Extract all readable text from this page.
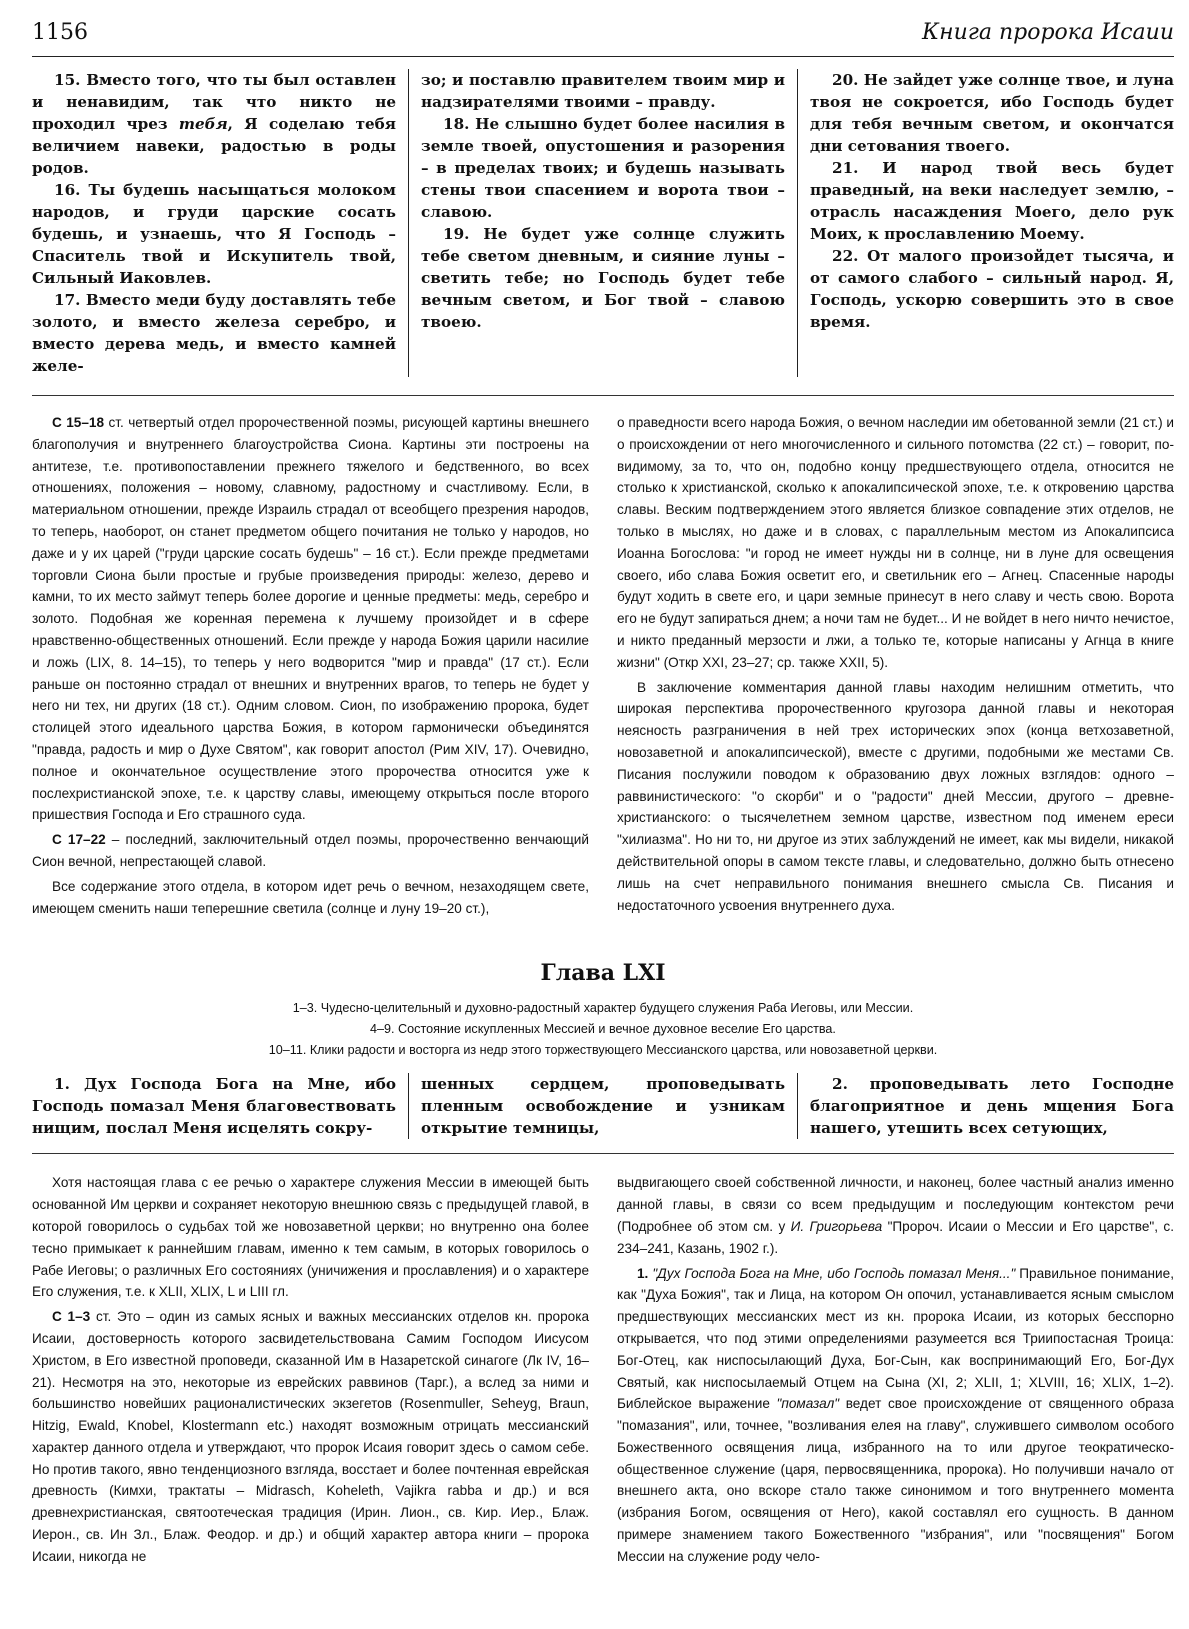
1156	Книга пророка Исаии

15. Вместо того, что ты был оставлен и ненавидим, так что никто не проходил чрез тебя, Я соделаю тебя величием навеки, радостью в роды родов.

16. Ты будешь насыщаться молоком народов, и груди царские сосать будешь, и узнаешь, что Я Господь – Спаситель твой и Искупитель твой, Сильный Иаковлев.

17. Вместо меди буду доставлять тебе золото, и вместо железа серебро, и вместо дерева медь, и вместо камней желе-

зо; и поставлю правителем твоим мир и надзирателями твоими – правду.

18. Не слышно будет более насилия в земле твоей, опустошения и разорения – в пределах твоих; и будешь называть стены твои спасением и ворота твои – славою.

19. Не будет уже солнце служить тебе светом дневным, и сияние луны – светить тебе; но Господь будет тебе вечным светом, и Бог твой – славою твоею.

20. Не зайдет уже солнце твое, и луна твоя не сокроется, ибо Господь будет для тебя вечным светом, и окончатся дни сетования твоего.

21. И народ твой весь будет праведный, на веки наследует землю, – отрасль насаждения Моего, дело рук Моих, к прославлению Моему.

22. От малого произойдет тысяча, и от самого слабого – сильный народ. Я, Господь, ускорю совершить это в свое время.

С 15–18 ст. четвертый отдел пророчественной поэмы, рисующей картины внешнего благополучия и внутреннего благоустройства Сиона. Картины эти построены на антитезе, т.е. противопоставлении прежнего тяжелого и бедственного, во всех отношениях, положения – новому, славному, радостному и счастливому. Если, в материальном отношении, прежде Израиль страдал от всеобщего презрения народов, то теперь, наоборот, он станет предметом общего почитания не только у народов, но даже и у их царей ("груди царские сосать будешь" – 16 ст.). Если прежде предметами торговли Сиона были простые и грубые произведения природы: железо, дерево и камни, то их место займут теперь более дорогие и ценные предметы: медь, серебро и золото. Подобная же коренная перемена к лучшему произойдет и в сфере нравственно-общественных отношений. Если прежде у народа Божия царили насилие и ложь (LIX, 8. 14–15), то теперь у него водворится "мир и правда" (17 ст.). Если раньше он постоянно страдал от внешних и внутренних врагов, то теперь не будет у него ни тех, ни других (18 ст.). Одним словом. Сион, по изображению пророка, будет столицей этого идеального царства Божия, в котором гармонически объединятся "правда, радость и мир о Духе Святом", как говорит апостол (Рим XIV, 17). Очевидно, полное и окончательное осуществление этого пророчества относится уже к послехристианской эпохе, т.е. к царству славы, имеющему открыться после второго пришествия Господа и Его страшного суда.

С 17–22 – последний, заключительный отдел поэмы, пророчественно венчающий Сион вечной, непрестающей славой.

Все содержание этого отдела, в котором идет речь о вечном, незаходящем свете, имеющем сменить наши теперешние светила (солнце и луну 19–20 ст.),

о праведности всего народа Божия, о вечном наследии им обетованной земли (21 ст.) и о происхождении от него многочисленного и сильного потомства (22 ст.) – говорит, по-видимому, за то, что он, подобно концу предшествующего отдела, относится не столько к христианской, сколько к апокалипсической эпохе, т.е. к откровению царства славы. Веским подтверждением этого является близкое совпадение этих отделов, не только в мыслях, но даже и в словах, с параллельным местом из Апокалипсиса Иоанна Богослова: "и город не имеет нужды ни в солнце, ни в луне для освещения своего, ибо слава Божия осветит его, и светильник его – Агнец. Спасенные народы будут ходить в свете его, и цари земные принесут в него славу и честь свою. Ворота его не будут запираться днем; а ночи там не будет... И не войдет в него ничто нечистое, и никто преданный мерзости и лжи, а только те, которые написаны у Агнца в книге жизни" (Откр XXI, 23–27; ср. также XXII, 5).

В заключение комментария данной главы находим нелишним отметить, что широкая перспектива пророчественного кругозора данной главы и некоторая неясность разграничения в ней трех исторических эпох (конца ветхозаветной, новозаветной и апокалипсической), вместе с другими, подобными же местами Св. Писания послужили поводом к образованию двух ложных взглядов: одного – раввинистического: "о скорби" и о "радости" дней Мессии, другого – древне-христианского: о тысячелетнем земном царстве, известном под именем ереси "хилиазма". Но ни то, ни другое из этих заблуждений не имеет, как мы видели, никакой действительной опоры в самом тексте главы, и следовательно, должно быть отнесено лишь на счет неправильного понимания внешнего смысла Св. Писания и недостаточного усвоения внутреннего духа.

Глава LXI
1–3. Чудесно-целительный и духовно-радостный характер будущего служения Раба Иеговы, или Мессии.
4–9. Состояние искупленных Мессией и вечное духовное веселие Его царства.
10–11. Клики радости и восторга из недр этого торжествующего Мессианского царства, или новозаветной церкви.

1. Дух Господа Бога на Мне, ибо Господь помазал Меня благовествовать нищим, послал Меня исцелять сокру-

шенных сердцем, проповедывать пленным освобождение и узникам открытие темницы,

2. проповедывать лето Господне благоприятное и день мщения Бога нашего, утешить всех сетующих,

Хотя настоящая глава с ее речью о характере служения Мессии в имеющей быть основанной Им церкви и сохраняет некоторую внешнюю связь с предыдущей главой, в которой говорилось о судьбах той же новозаветной церкви; но внутренно она более тесно примыкает к раннейшим главам, именно к тем самым, в которых говорилось о Рабе Иеговы; о различных Его состояниях (уничижения и прославления) и о характере Его служения, т.е. к XLII, XLIX, L и LIII гл.

С 1–3 ст. Это – один из самых ясных и важных мессианских отделов кн. пророка Исаии, достоверность которого засвидетельствована Самим Господом Иисусом Христом, в Его известной проповеди, сказанной Им в Назаретской синагоге (Лк IV, 16–21). Несмотря на это, некоторые из еврейских раввинов (Тарг.), а вслед за ними и большинство новейших рационалистических экзегетов (Rosenmuller, Seheyg, Braun, Hitzig, Ewald, Knobel, Klostermann etc.) находят возможным отрицать мессианский характер данного отдела и утверждают, что пророк Исаия говорит здесь о самом себе. Но против такого, явно тенденциозного взгляда, восстает и более почтенная еврейская древность (Кимхи, трактаты – Midrasch, Koheleth, Vajikra rabba и др.) и вся древнехристианская, святоотеческая традиция (Ирин. Лион., св. Кир. Иер., Блаж. Иерон., св. Ин Зл., Блаж. Феодор. и др.) и общий характер автора книги – пророка Исаии, никогда не

выдвигающего своей собственной личности, и наконец, более частный анализ именно данной главы, в связи со всем предыдущим и последующим контекстом речи (Подробнее об этом см. у И. Григорьева "Пророч. Исаии о Мессии и Его царстве", с. 234–241, Казань, 1902 г.).

1. "Дух Господа Бога на Мне, ибо Господь помазал Меня..." Правильное понимание, как "Духа Божия", так и Лица, на котором Он опочил, устанавливается ясным смыслом предшествующих мессианских мест из кн. пророка Исаии, из которых бесспорно открывается, что под этими определениями разумеется вся Триипостасная Троица: Бог-Отец, как ниспосылающий Духа, Бог-Сын, как воспринимающий Его, Бог-Дух Святый, как ниспосылаемый Отцем на Сына (XI, 2; XLII, 1; XLVIII, 16; XLIX, 1–2). Библейское выражение "помазал" ведет свое происхождение от священного образа "помазания", или, точнее, "возливания елея на главу", служившего символом особого Божественного освящения лица, избранного на то или другое теократическо-общественное служение (царя, первосвященника, пророка). Но получивши начало от внешнего акта, оно вскоре стало также синонимом и того внутреннего момента (избрания Богом, освящения от Него), какой составлял его сущность. В данном примере знамением такого Божественного "избрания", или "посвящения" Богом Мессии на служение роду чело-
